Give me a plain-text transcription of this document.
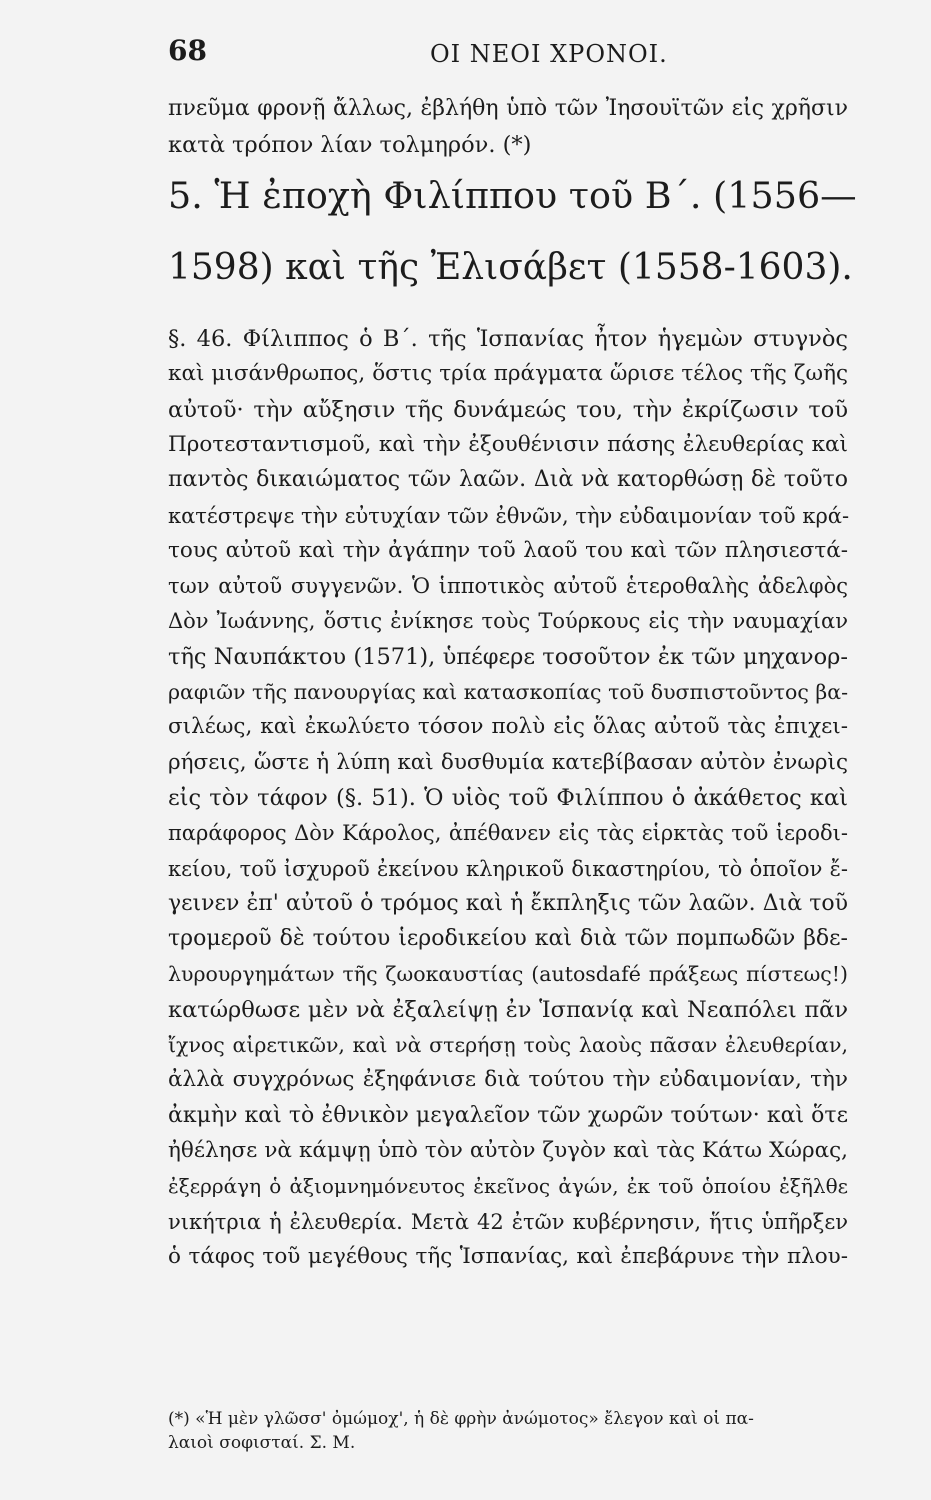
68	ΟΙ ΝΕΟΙ ΧΡΟΝΟΙ.
πνεῦμα φρονῇ ἄλλως, ἐβλήθη ὑπὸ τῶν Ἰησουϊτῶν εἰς χρῆσιν
κατὰ τρόπον λίαν τολμηρόν. (*)
5. Ἡ ἐποχὴ Φιλίππου τοῦ Β΄. (1556—
1598) καὶ τῆς Ἐλισάβετ (1558-1603).
§. 46. Φίλιππος ὁ Β΄. τῆς Ἱσπανίας ἦτον ἡγεμὼν στυγνὸς
καὶ μισάνθρωπος, ὅστις τρία πράγματα ὥρισε τέλος τῆς ζωῆς
αὐτοῦ· τὴν αὔξησιν τῆς δυνάμεώς του, τὴν ἐκρίζωσιν τοῦ
Προτεσταντισμοῦ, καὶ τὴν ἐξουθένισιν πάσης ἐλευθερίας καὶ
παντὸς δικαιώματος τῶν λαῶν. Διὰ νὰ κατορθώσῃ δὲ τοῦτο
κατέστρεψε τὴν εὐτυχίαν τῶν ἐθνῶν, τὴν εὐδαιμονίαν τοῦ κρά-
τους αὐτοῦ καὶ τὴν ἀγάπην τοῦ λαοῦ του καὶ τῶν πλησιεστά-
των αὐτοῦ συγγενῶν. Ὁ ἱπποτικὸς αὐτοῦ ἑτεροθαλὴς ἀδελφὸς
Δὸν Ἰωάννης, ὅστις ἐνίκησε τοὺς Τούρκους εἰς τὴν ναυμαχίαν
τῆς Ναυπάκτου (1571), ὑπέφερε τοσοῦτον ἐκ τῶν μηχανορ-
ραφιῶν τῆς πανουργίας καὶ κατασκοπίας τοῦ δυσπιστοῦντος βα-
σιλέως, καὶ ἐκωλύετο τόσον πολὺ εἰς ὅλας αὐτοῦ τὰς ἐπιχει-
ρήσεις, ὥστε ἡ λύπη καὶ δυσθυμία κατεβίβασαν αὐτὸν ἐνωρὶς
εἰς τὸν τάφον (§. 51). Ὁ υἱὸς τοῦ Φιλίππου ὁ ἀκάθετος καὶ
παράφορος Δὸν Κάρολος, ἀπέθανεν εἰς τὰς εἱρκτὰς τοῦ ἱεροδι-
κείου, τοῦ ἰσχυροῦ ἐκείνου κληρικοῦ δικαστηρίου, τὸ ὁποῖον ἔ-
γεινεν ἐπ' αὐτοῦ ὁ τρόμος καὶ ἡ ἔκπληξις τῶν λαῶν. Διὰ τοῦ
τρομεροῦ δὲ τούτου ἱεροδικείου καὶ διὰ τῶν πομπωδῶν βδε-
λυρουργημάτων τῆς ζωοκαυστίας (autosdafé πράξεως πίστεως!)
κατώρθωσε μὲν νὰ ἐξαλείψῃ ἐν Ἱσπανίᾳ καὶ Νεαπόλει πᾶν
ἴχνος αἱρετικῶν, καὶ νὰ στερήσῃ τοὺς λαοὺς πᾶσαν ἐλευθερίαν,
ἀλλὰ συγχρόνως ἐξηφάνισε διὰ τούτου τὴν εὐδαιμονίαν, τὴν
ἀκμὴν καὶ τὸ ἐθνικὸν μεγαλεῖον τῶν χωρῶν τούτων· καὶ ὅτε
ἠθέλησε νὰ κάμψῃ ὑπὸ τὸν αὐτὸν ζυγὸν καὶ τὰς Κάτω Χώρας,
ἐξερράγη ὁ ἀξιομνημόνευτος ἐκεῖνος ἀγών, ἐκ τοῦ ὁποίου ἐξῆλθε
νικήτρια ἡ ἐλευθερία. Μετὰ 42 ἐτῶν κυβέρνησιν, ἥτις ὑπῆρξεν
ὁ τάφος τοῦ μεγέθους τῆς Ἱσπανίας, καὶ ἐπεβάρυνε τὴν πλου-
(*) «Ἡ μὲν γλῶσσ' ὀμώμοχ', ἡ δὲ φρὴν ἀνώμοτος» ἔλεγον καὶ οἱ πα-
λαιοὶ σοφισταί. Σ. Μ.
